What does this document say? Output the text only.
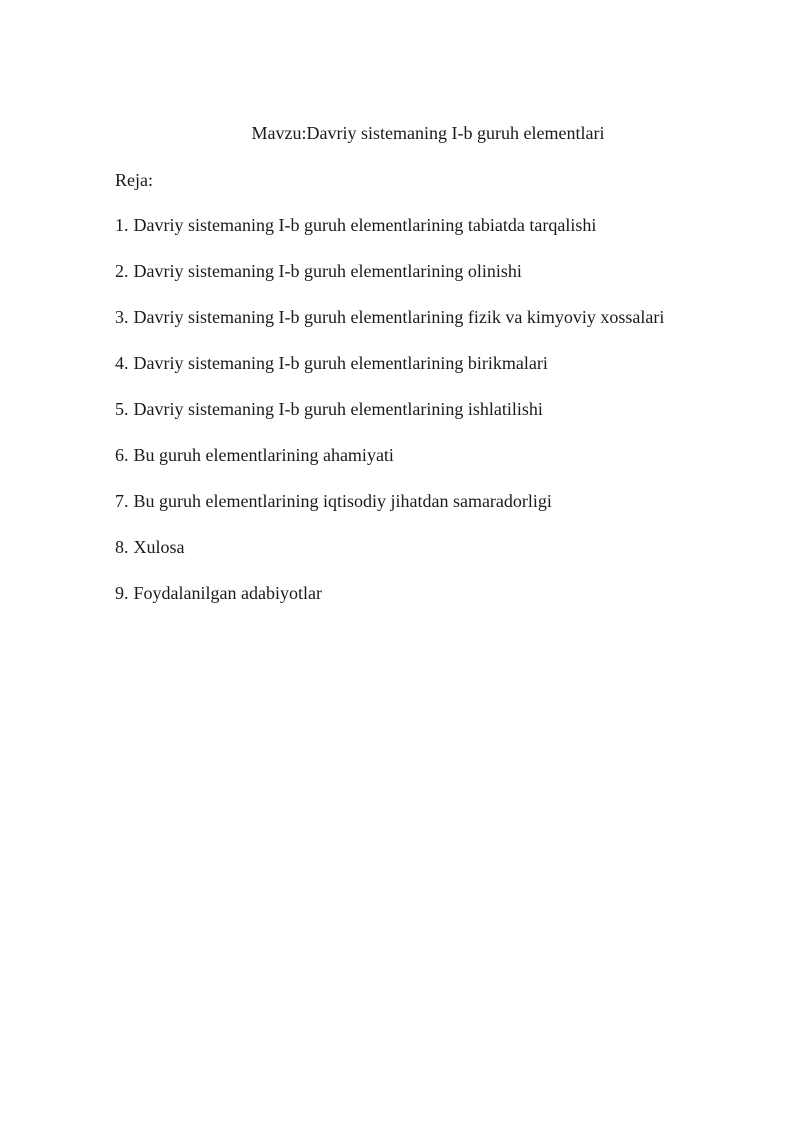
Mavzu:Davriy sistemaning I-b guruh elementlari
Reja:
1. Davriy sistemaning I-b guruh elementlarining tabiatda tarqalishi
2. Davriy sistemaning I-b guruh elementlarining olinishi
3. Davriy sistemaning I-b guruh elementlarining fizik va kimyoviy xossalari
4. Davriy sistemaning I-b guruh elementlarining birikmalari
5. Davriy sistemaning I-b guruh elementlarining ishlatilishi
6. Bu guruh elementlarining ahamiyati
7. Bu guruh elementlarining iqtisodiy jihatdan samaradorligi
8. Xulosa
9. Foydalanilgan adabiyotlar
